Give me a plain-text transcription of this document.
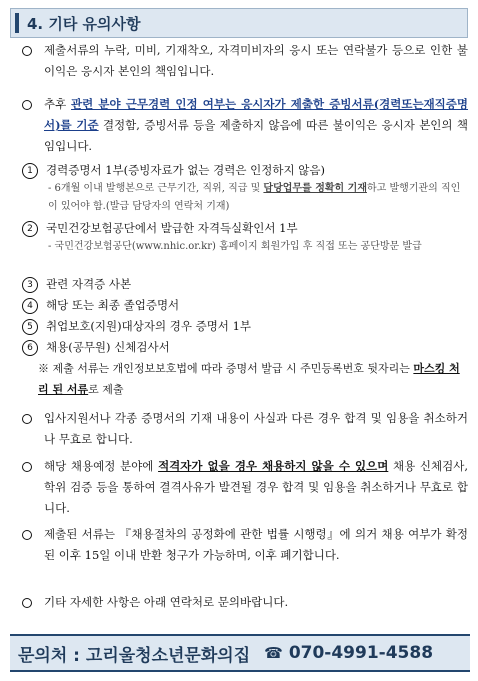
4. 기타 유의사항
제출서류의 누락, 미비, 기재착오, 자격미비자의 응시 또는 연락불가 등으로 인한 불이익은 응시자 본인의 책임입니다.
추후 관련 분야 근무경력 인정 여부는 응시자가 제출한 증빙서류(경력또는재직증명서)를 기준 결정함, 증빙서류 등을 제출하지 않음에 따른 불이익은 응시자 본인의 책임입니다.
1 경력증명서 1부(증빙자료가 없는 경력은 인정하지 않음)
- 6개월 이내 발행본으로 근무기간, 직위, 직급 및 담당업무를 정확히 기재하고 발행기관의 직인이 있어야 함.(발급 담당자의 연락처 기재)
2 국민건강보험공단에서 발급한 자격득실확인서 1부
- 국민건강보험공단(www.nhic.or.kr) 홈페이지 회원가입 후 직접 또는 공단방문 발급
3 관련 자격증 사본
4 해당 또는 최종 졸업증명서
5 취업보호(지원)대상자의 경우 증명서 1부
6 채용(공무원) 신체검사서
※ 제출 서류는 개인정보보호법에 따라 증명서 발급 시 주민등록번호 뒷자리는 마스킹 처리 된 서류로 제출
입사지원서나 각종 증명서의 기재 내용이 사실과 다른 경우 합격 및 임용을 취소하거나 무효로 합니다.
해당 채용예정 분야에 적격자가 없을 경우 채용하지 않을 수 있으며 채용 신체검사, 학위 검증 등을 통하여 결격사유가 발견될 경우 합격 및 임용을 취소하거나 무효로 합니다.
제출된 서류는 『채용절차의 공정화에 관한 법률 시행령』에 의거 채용 여부가 확정된 이후 15일 이내 반환 청구가 가능하며, 이후 폐기합니다.
기타 자세한 사항은 아래 연락처로 문의바랍니다.
문의처 : 고리울청소년문화의집 ☎ 070-4991-4588
